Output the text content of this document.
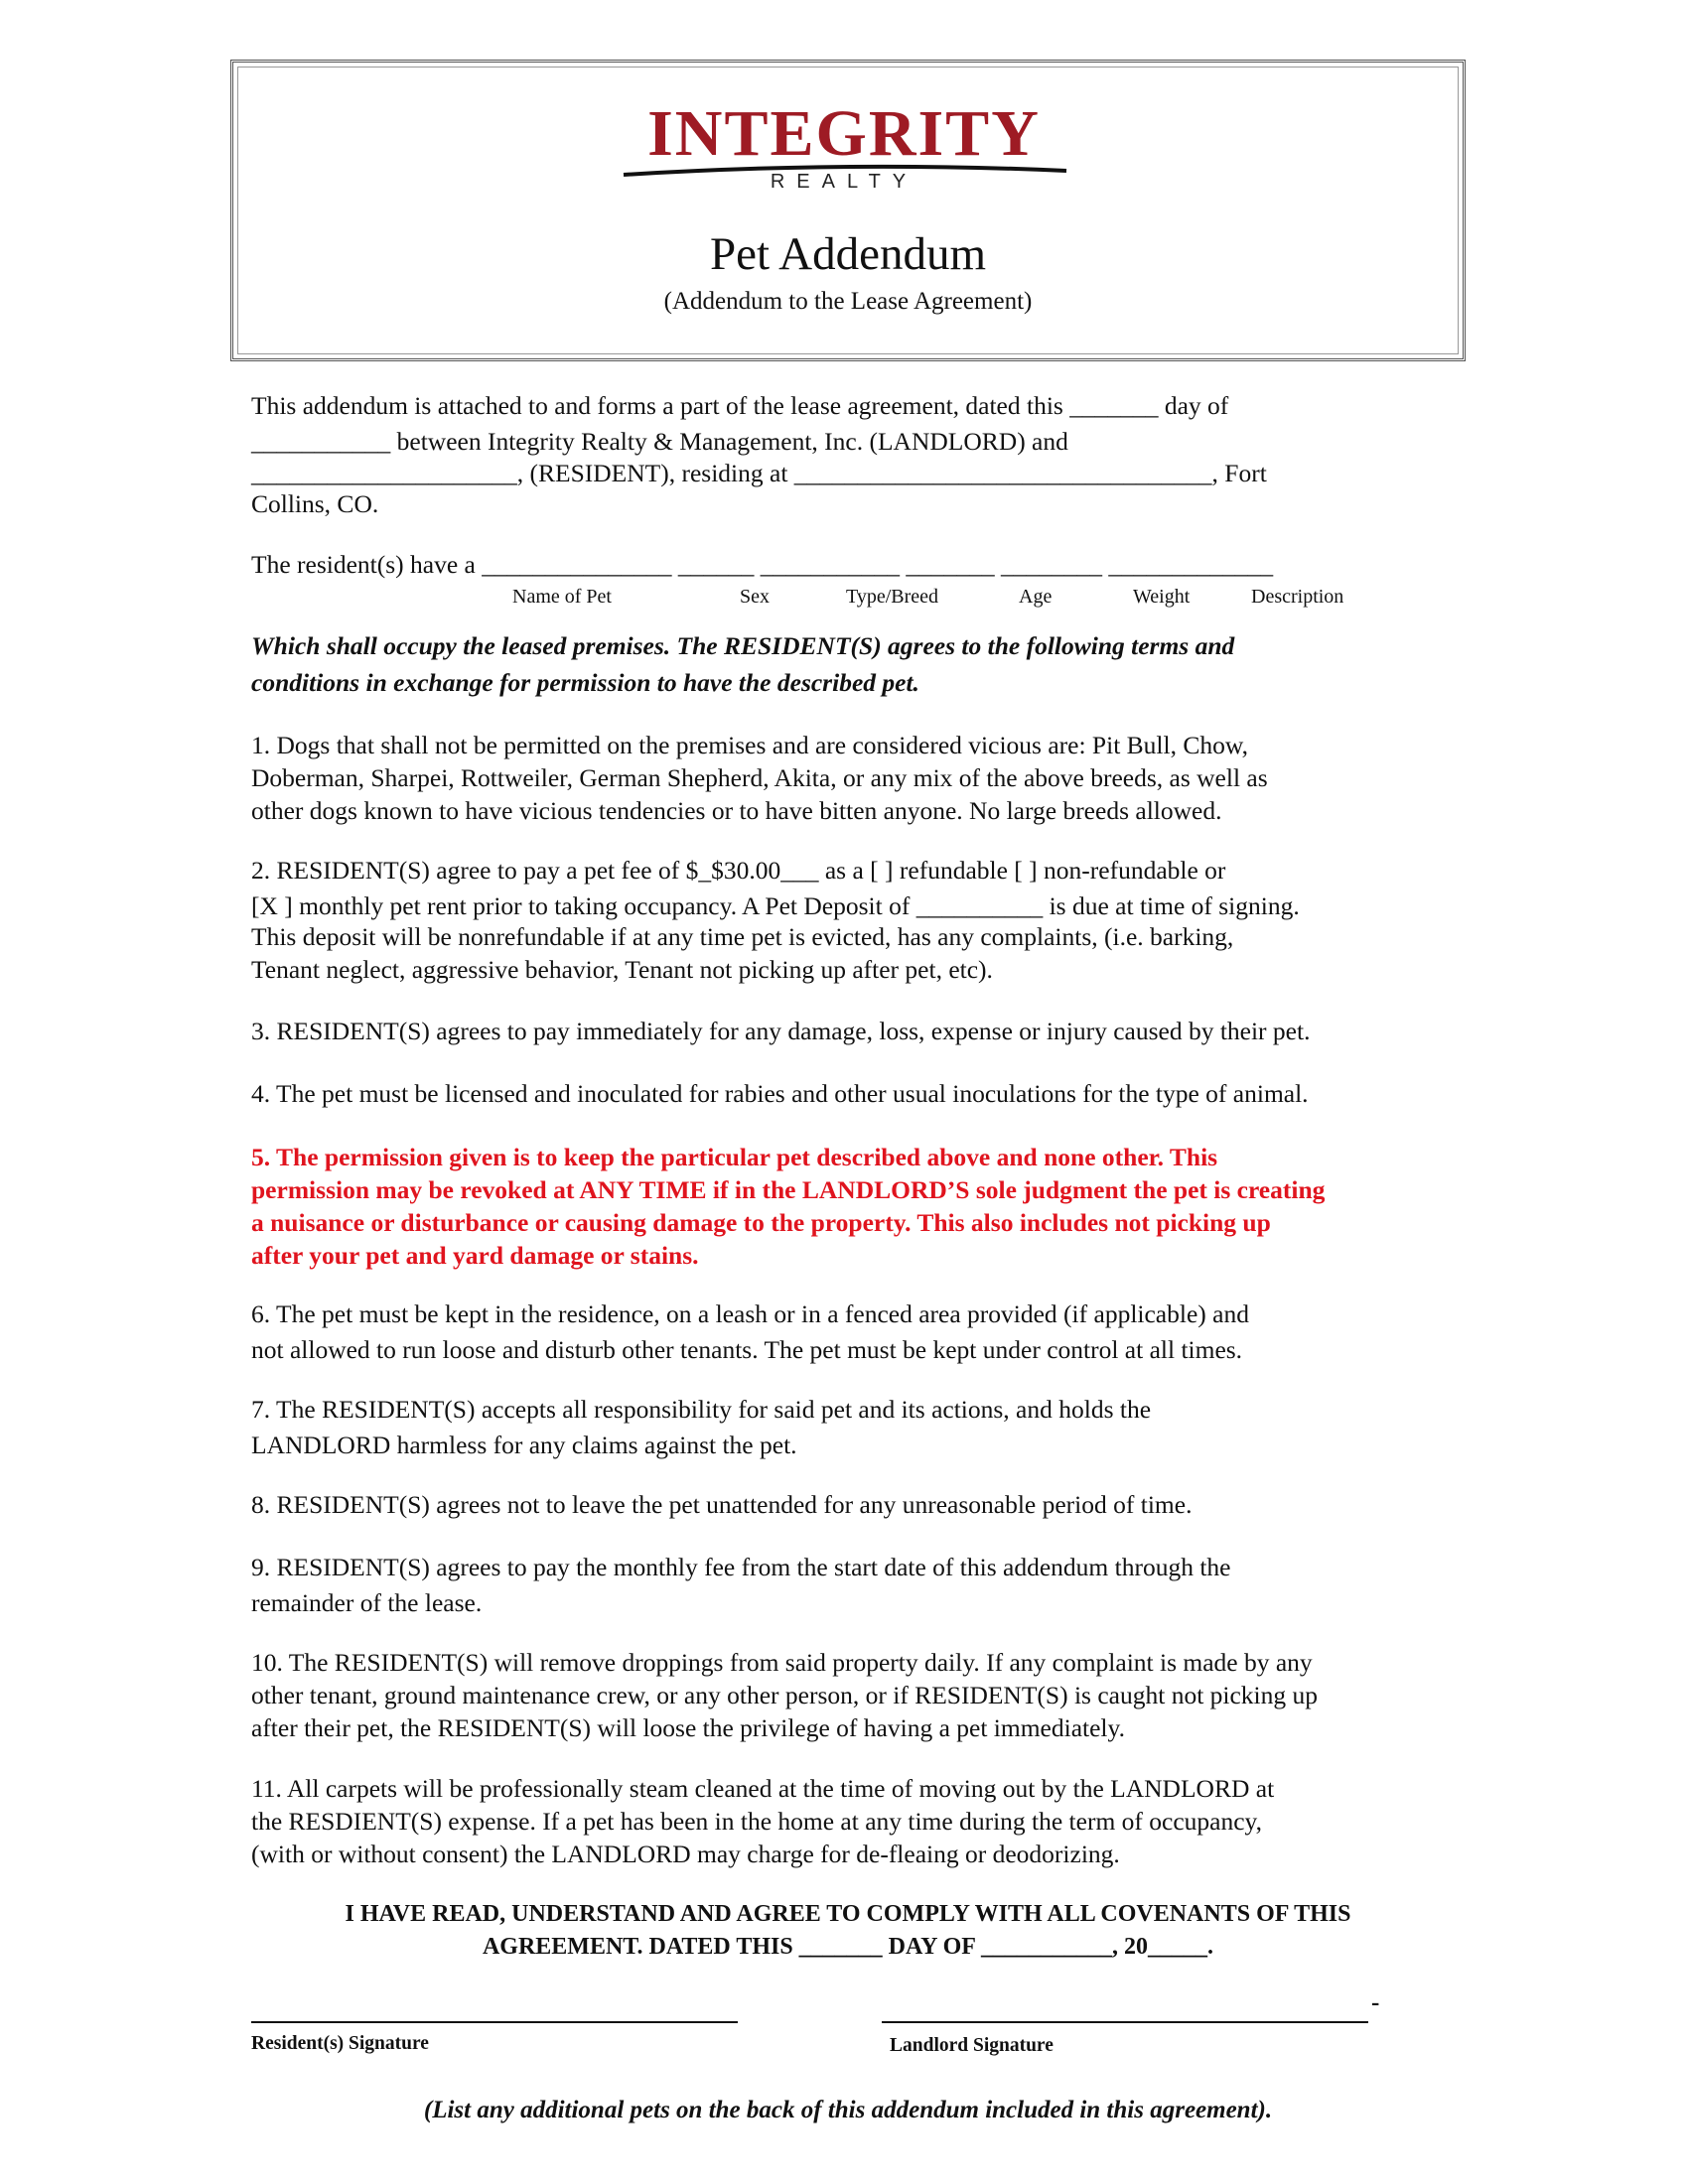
INTEGRITY
REALTY
Pet Addendum
(Addendum to the Lease Agreement)

This addendum is attached to and forms a part of the lease agreement, dated this _______ day of

___________ between Integrity Realty & Management, Inc. (LANDLORD) and

_____________________, (RESIDENT), residing at _________________________________, Fort

Collins, CO.

The resident(s) have a _______________ ______ ___________ _______ ________ _____________

Name of Pet	Sex	Type/Breed	Age	Weight	Description

Which shall occupy the leased premises. The RESIDENT(S) agrees to the following terms and

conditions in exchange for permission to have the described pet.

1. Dogs that shall not be permitted on the premises and are considered vicious are: Pit Bull, Chow,

Doberman, Sharpei, Rottweiler, German Shepherd, Akita, or any mix of the above breeds, as well as

other dogs known to have vicious tendencies or to have bitten anyone. No large breeds allowed.

2. RESIDENT(S) agree to pay a pet fee of $_$30.00___ as a [ ] refundable [ ] non-refundable or

[X ] monthly pet rent prior to taking occupancy. A Pet Deposit of __________ is due at time of signing.

This deposit will be nonrefundable if at any time pet is evicted, has any complaints, (i.e. barking,

Tenant neglect, aggressive behavior, Tenant not picking up after pet, etc).

3. RESIDENT(S) agrees to pay immediately for any damage, loss, expense or injury caused by their pet.

4. The pet must be licensed and inoculated for rabies and other usual inoculations for the type of animal.

5. The permission given is to keep the particular pet described above and none other. This

permission may be revoked at ANY TIME if in the LANDLORD’S sole judgment the pet is creating

a nuisance or disturbance or causing damage to the property. This also includes not picking up

after your pet and yard damage or stains.

6. The pet must be kept in the residence, on a leash or in a fenced area provided (if applicable) and

not allowed to run loose and disturb other tenants. The pet must be kept under control at all times.

7. The RESIDENT(S) accepts all responsibility for said pet and its actions, and holds the

LANDLORD harmless for any claims against the pet.

8. RESIDENT(S) agrees not to leave the pet unattended for any unreasonable period of time.

9. RESIDENT(S) agrees to pay the monthly fee from the start date of this addendum through the

remainder of the lease.

10. The RESIDENT(S) will remove droppings from said property daily. If any complaint is made by any

other tenant, ground maintenance crew, or any other person, or if RESIDENT(S) is caught not picking up

after their pet, the RESIDENT(S) will loose the privilege of having a pet immediately.

11. All carpets will be professionally steam cleaned at the time of moving out by the LANDLORD at

the RESDIENT(S) expense. If a pet has been in the home at any time during the term of occupancy,

(with or without consent) the LANDLORD may charge for de-fleaing or deodorizing.

I HAVE READ, UNDERSTAND AND AGREE TO COMPLY WITH ALL COVENANTS OF THIS
AGREEMENT. DATED THIS _______ DAY OF ___________, 20_____.
Resident(s) Signature
-
Landlord Signature
(List any additional pets on the back of this addendum included in this agreement).
